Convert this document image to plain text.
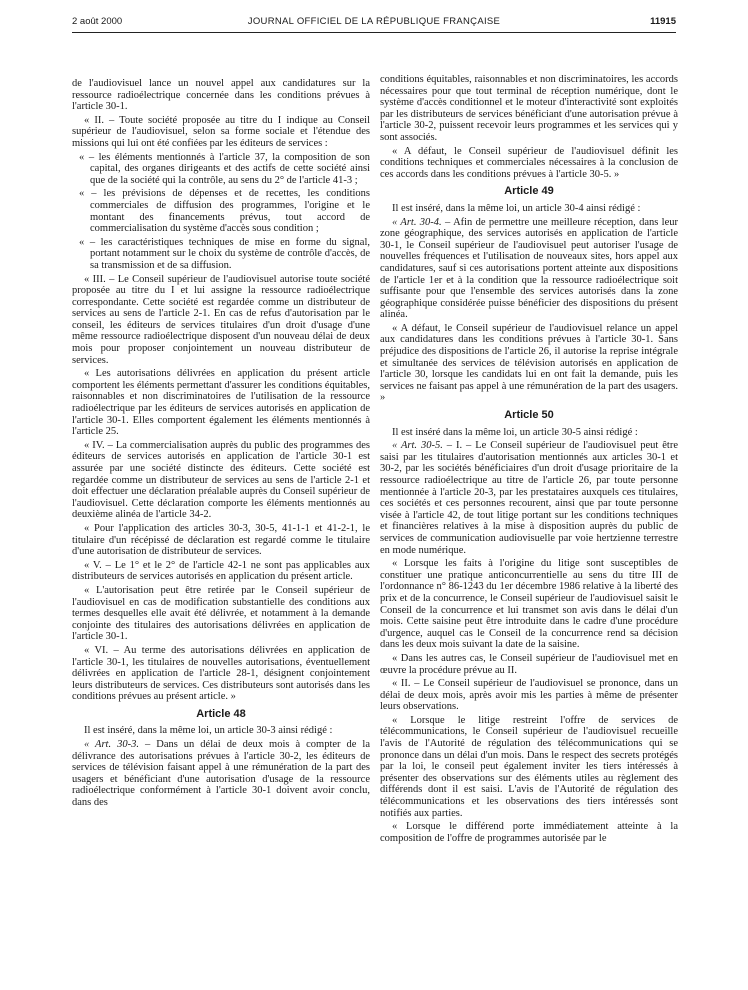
2 août 2000	JOURNAL OFFICIEL DE LA RÉPUBLIQUE FRANÇAISE	11915

de l'audiovisuel lance un nouvel appel aux candidatures sur la ressource radioélectrique concernée dans les conditions prévues à l'article 30-1.

« II. – Toute société proposée au titre du I indique au Conseil supérieur de l'audiovisuel, selon sa forme sociale et l'étendue des missions qui lui ont été confiées par les éditeurs de services :

« – les éléments mentionnés à l'article 37, la composition de son capital, des organes dirigeants et des actifs de cette société ainsi que de la société qui la contrôle, au sens du 2° de l'article 41-3 ;

« – les prévisions de dépenses et de recettes, les conditions commerciales de diffusion des programmes, l'origine et le montant des financements prévus, tout accord de commercialisation du système d'accès sous condition ;

« – les caractéristiques techniques de mise en forme du signal, portant notamment sur le choix du système de contrôle d'accès, de sa transmission et de sa diffusion.

« III. – Le Conseil supérieur de l'audiovisuel autorise toute société proposée au titre du I et lui assigne la ressource radioélectrique correspondante. Cette société est regardée comme un distributeur de services au sens de l'article 2-1. En cas de refus d'autorisation par le conseil, les éditeurs de services titulaires d'un droit d'usage d'une même ressource radioélectrique disposent d'un nouveau délai de deux mois pour proposer conjointement un nouveau distributeur de services.

« Les autorisations délivrées en application du présent article comportent les éléments permettant d'assurer les conditions équitables, raisonnables et non discriminatoires de l'utilisation de la ressource radioélectrique par les éditeurs de services autorisés en application de l'article 30-1. Elles comportent également les éléments mentionnés à l'article 25.

« IV. – La commercialisation auprès du public des programmes des éditeurs de services autorisés en application de l'article 30-1 est assurée par une société distincte des éditeurs. Cette société est regardée comme un distributeur de services au sens de l'article 2-1 et doit effectuer une déclaration préalable auprès du Conseil supérieur de l'audiovisuel. Cette déclaration comporte les éléments mentionnés au deuxième alinéa de l'article 34-2.

« Pour l'application des articles 30-3, 30-5, 41-1-1 et 41-2-1, le titulaire d'un récépissé de déclaration est regardé comme le titulaire d'une autorisation de distributeur de services.

« V. – Le 1° et le 2° de l'article 42-1 ne sont pas applicables aux distributeurs de services autorisés en application du présent article.

« L'autorisation peut être retirée par le Conseil supérieur de l'audiovisuel en cas de modification substantielle des conditions aux termes desquelles elle avait été délivrée, et notamment à la demande conjointe des titulaires des autorisations délivrées en application de l'article 30-1.

« VI. – Au terme des autorisations délivrées en application de l'article 30-1, les titulaires de nouvelles autorisations, éventuellement délivrées en application de l'article 28-1, désignent conjointement leurs distributeurs de services. Ces distributeurs sont autorisés dans les conditions prévues au présent article. »

Article 48

Il est inséré, dans la même loi, un article 30-3 ainsi rédigé :

« Art. 30-3. – Dans un délai de deux mois à compter de la délivrance des autorisations prévues à l'article 30-2, les éditeurs de services de télévision faisant appel à une rémunération de la part des usagers et bénéficiant d'une autorisation d'usage de la ressource radioélectrique conformément à l'article 30-1 doivent avoir conclu, dans des

conditions équitables, raisonnables et non discriminatoires, les accords nécessaires pour que tout terminal de réception numérique, dont le système d'accès conditionnel et le moteur d'interactivité sont exploités par les distributeurs de services bénéficiant d'une autorisation prévue à l'article 30-2, puissent recevoir leurs programmes et les services qui y sont associés.

« A défaut, le Conseil supérieur de l'audiovisuel définit les conditions techniques et commerciales nécessaires à la conclusion de ces accords dans les conditions prévues à l'article 30-5. »

Article 49

Il est inséré, dans la même loi, un article 30-4 ainsi rédigé :

« Art. 30-4. – Afin de permettre une meilleure réception, dans leur zone géographique, des services autorisés en application de l'article 30-1, le Conseil supérieur de l'audiovisuel peut autoriser l'usage de nouvelles fréquences et l'utilisation de nouveaux sites, hors appel aux candidatures, sauf si ces autorisations portent atteinte aux dispositions de l'article 1er et à la condition que la ressource radioélectrique soit suffisante pour que l'ensemble des services autorisés dans la zone géographique considérée puisse bénéficier des dispositions du présent alinéa.

« A défaut, le Conseil supérieur de l'audiovisuel relance un appel aux candidatures dans les conditions prévues à l'article 30-1. Sans préjudice des dispositions de l'article 26, il autorise la reprise intégrale et simultanée des services de télévision autorisés en application de l'article 30, lorsque les candidats lui en ont fait la demande, puis les services ne faisant pas appel à une rémunération de la part des usagers. »

Article 50

Il est inséré dans la même loi, un article 30-5 ainsi rédigé :

« Art. 30-5. – I. – Le Conseil supérieur de l'audiovisuel peut être saisi par les titulaires d'autorisation mentionnés aux articles 30-1 et 30-2, par les sociétés bénéficiaires d'un droit d'usage prioritaire de la ressource radioélectrique au titre de l'article 26, par toute personne mentionnée à l'article 20-3, par les prestataires auxquels ces titulaires, ces sociétés et ces personnes recourent, ainsi que par toute personne visée à l'article 42, de tout litige portant sur les conditions techniques et financières relatives à la mise à disposition auprès du public de services de communication audiovisuelle par voie hertzienne terrestre en mode numérique.

« Lorsque les faits à l'origine du litige sont susceptibles de constituer une pratique anticoncurrentielle au sens du titre III de l'ordonnance n° 86-1243 du 1er décembre 1986 relative à la liberté des prix et de la concurrence, le Conseil supérieur de l'audiovisuel saisit le Conseil de la concurrence et lui transmet son avis dans le délai d'un mois. Cette saisine peut être introduite dans le cadre d'une procédure d'urgence, auquel cas le Conseil de la concurrence rend sa décision dans les deux mois suivant la date de la saisine.

« Dans les autres cas, le Conseil supérieur de l'audiovisuel met en œuvre la procédure prévue au II.

« II. – Le Conseil supérieur de l'audiovisuel se prononce, dans un délai de deux mois, après avoir mis les parties à même de présenter leurs observations.

« Lorsque le litige restreint l'offre de services de télécommunications, le Conseil supérieur de l'audiovisuel recueille l'avis de l'Autorité de régulation des télécommunications qui se prononce dans un délai d'un mois. Dans le respect des secrets protégés par la loi, le conseil peut également inviter les tiers intéressés à présenter des observations sur des éléments utiles au règlement des différends dont il est saisi. L'avis de l'Autorité de régulation des télécommunications et les observations des tiers intéressés sont notifiés aux parties.

« Lorsque le différend porte immédiatement atteinte à la composition de l'offre de programmes autorisée par le
